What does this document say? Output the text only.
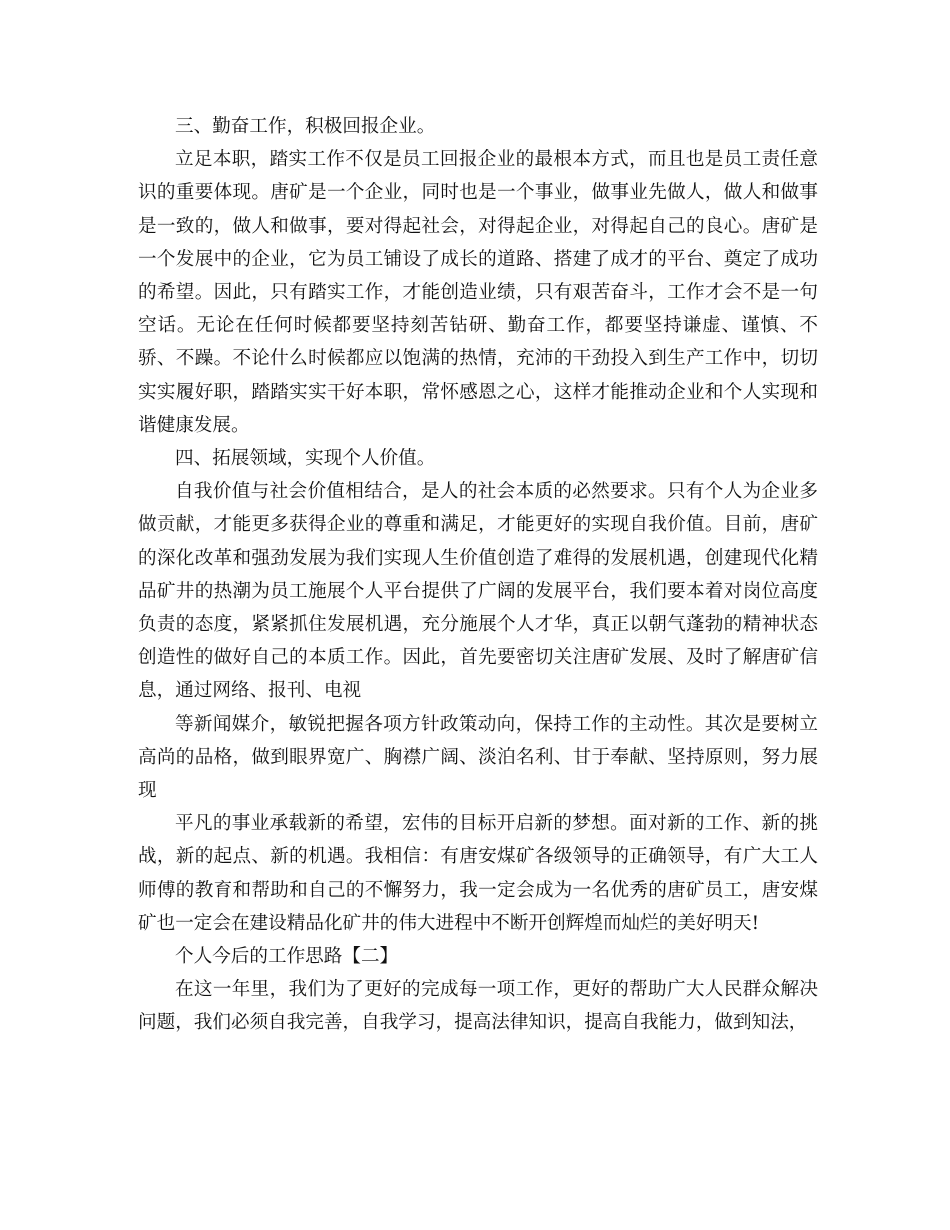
三、勤奋工作，积极回报企业。

立足本职，踏实工作不仅是员工回报企业的最根本方式，而且也是员工责任意识的重要体现。唐矿是一个企业，同时也是一个事业，做事业先做人，做人和做事是一致的，做人和做事，要对得起社会，对得起企业，对得起自己的良心。唐矿是一个发展中的企业，它为员工铺设了成长的道路、搭建了成才的平台、奠定了成功的希望。因此，只有踏实工作，才能创造业绩，只有艰苦奋斗，工作才会不是一句空话。无论在任何时候都要坚持刻苦钻研、勤奋工作，都要坚持谦虚、谨慎、不骄、不躁。不论什么时候都应以饱满的热情，充沛的干劲投入到生产工作中，切切实实履好职，踏踏实实干好本职，常怀感恩之心，这样才能推动企业和个人实现和谐健康发展。

四、拓展领域，实现个人价值。

自我价值与社会价值相结合，是人的社会本质的必然要求。只有个人为企业多做贡献，才能更多获得企业的尊重和满足，才能更好的实现自我价值。目前，唐矿的深化改革和强劲发展为我们实现人生价值创造了难得的发展机遇，创建现代化精品矿井的热潮为员工施展个人平台提供了广阔的发展平台，我们要本着对岗位高度负责的态度，紧紧抓住发展机遇，充分施展个人才华，真正以朝气蓬勃的精神状态创造性的做好自己的本质工作。因此，首先要密切关注唐矿发展、及时了解唐矿信息，通过网络、报刊、电视

等新闻媒介，敏锐把握各项方针政策动向，保持工作的主动性。其次是要树立高尚的品格，做到眼界宽广、胸襟广阔、淡泊名利、甘于奉献、坚持原则，努力展现

平凡的事业承载新的希望，宏伟的目标开启新的梦想。面对新的工作、新的挑战，新的起点、新的机遇。我相信：有唐安煤矿各级领导的正确领导，有广大工人师傅的教育和帮助和自己的不懈努力，我一定会成为一名优秀的唐矿员工，唐安煤矿也一定会在建设精品化矿井的伟大进程中不断开创辉煌而灿烂的美好明天!

个人今后的工作思路【二】

在这一年里，我们为了更好的完成每一项工作，更好的帮助广大人民群众解决问题，我们必须自我完善，自我学习，提高法律知识，提高自我能力，做到知法，
